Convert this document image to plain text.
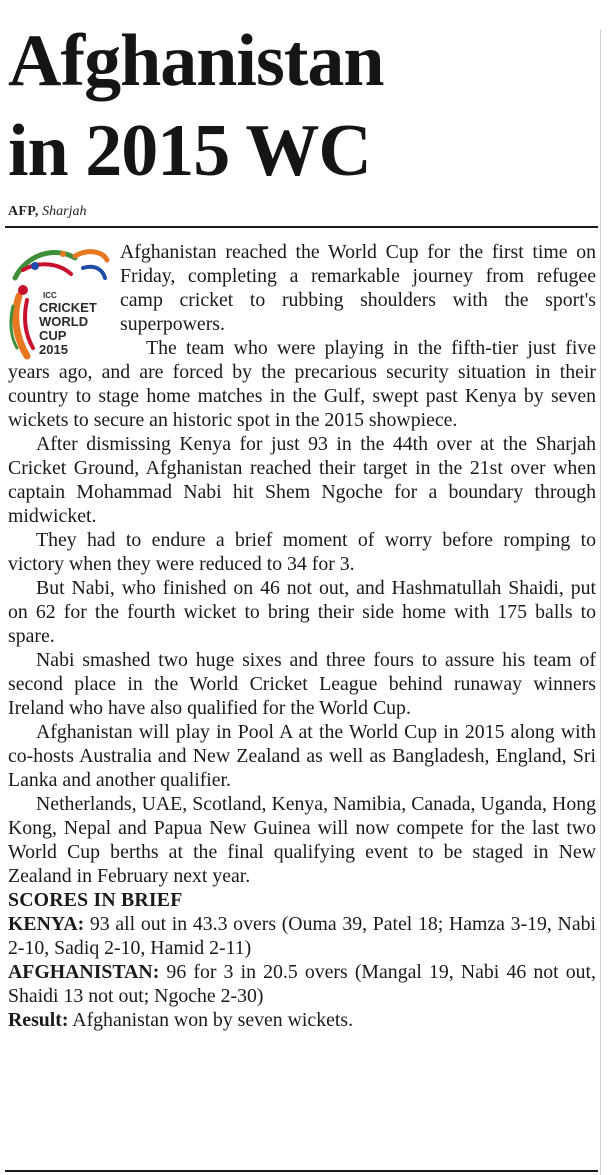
Afghanistan
in 2015 WC
AFP, Sharjah
ICC
CRICKET
WORLD
CUP
2015

Afghanistan reached the World Cup for the first time on Friday, completing a remarkable journey from refugee camp cricket to rubbing shoulders with the sport's superpowers.

The team who were playing in the fifth-tier just five years ago, and are forced by the precarious security situation in their country to stage home matches in the Gulf, swept past Kenya by seven wickets to secure an historic spot in the 2015 showpiece.

After dismissing Kenya for just 93 in the 44th over at the Sharjah Cricket Ground, Afghanistan reached their target in the 21st over when captain Mohammad Nabi hit Shem Ngoche for a boundary through midwicket.

They had to endure a brief moment of worry before romping to victory when they were reduced to 34 for 3.

But Nabi, who finished on 46 not out, and Hashmatullah Shaidi, put on 62 for the fourth wicket to bring their side home with 175 balls to spare.

Nabi smashed two huge sixes and three fours to assure his team of second place in the World Cricket League behind runaway winners Ireland who have also qualified for the World Cup.

Afghanistan will play in Pool A at the World Cup in 2015 along with co-hosts Australia and New Zealand as well as Bangladesh, England, Sri Lanka and another qualifier.

Netherlands, UAE, Scotland, Kenya, Namibia, Canada, Uganda, Hong Kong, Nepal and Papua New Guinea will now compete for the last two World Cup berths at the final qualifying event to be staged in New Zealand in February next year.

SCORES IN BRIEF

KENYA: 93 all out in 43.3 overs (Ouma 39, Patel 18; Hamza 3-19, Nabi 2-10, Sadiq 2-10, Hamid 2-11)

AFGHANISTAN: 96 for 3 in 20.5 overs (Mangal 19, Nabi 46 not out, Shaidi 13 not out; Ngoche 2-30)

Result: Afghanistan won by seven wickets.
